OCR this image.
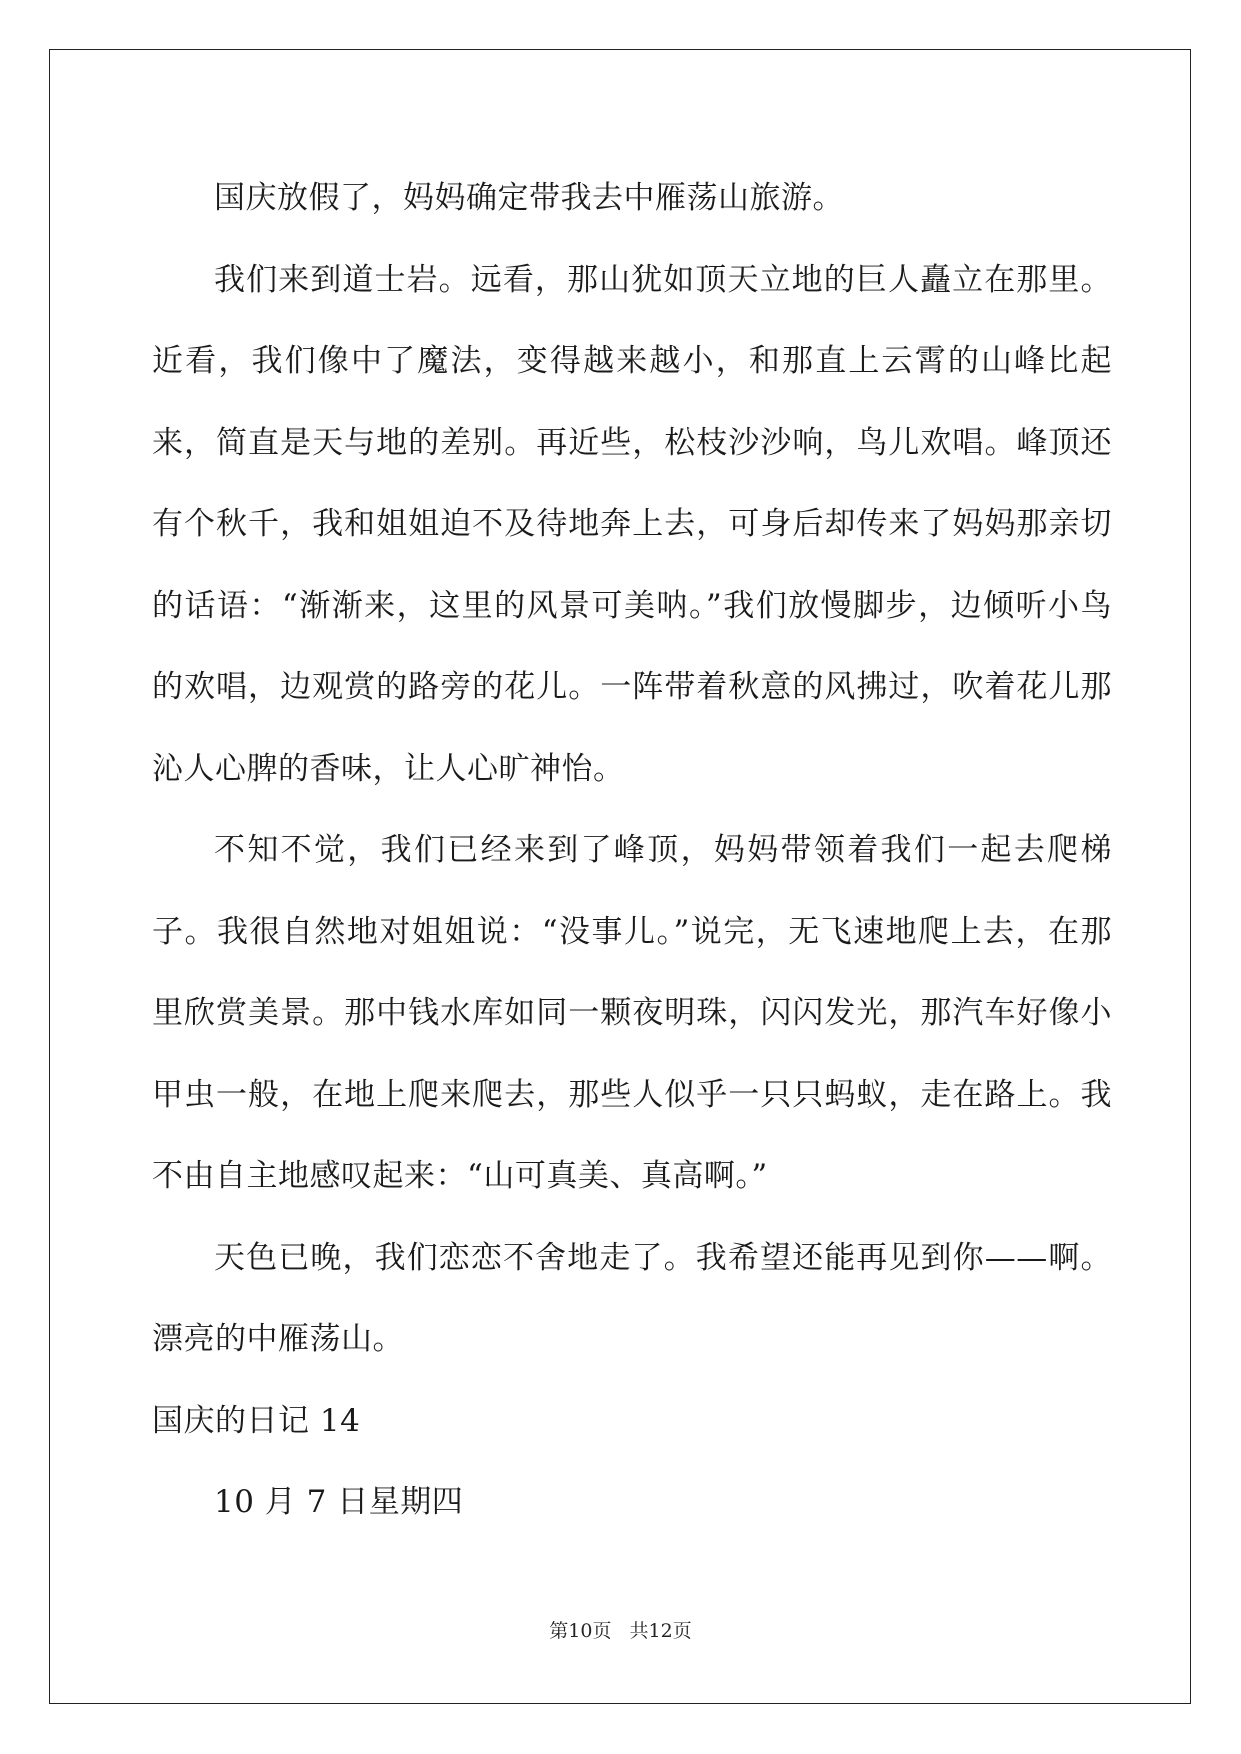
国庆放假了，妈妈确定带我去中雁荡山旅游。

我们来到道士岩。远看，那山犹如顶天立地的巨人矗立在那里。近看，我们像中了魔法，变得越来越小，和那直上云霄的山峰比起来，简直是天与地的差别。再近些，松枝沙沙响，鸟儿欢唱。峰顶还有个秋千，我和姐姐迫不及待地奔上去，可身后却传来了妈妈那亲切的话语：“渐渐来，这里的风景可美呐。”我们放慢脚步，边倾听小鸟的欢唱，边观赏的路旁的花儿。一阵带着秋意的风拂过，吹着花儿那沁人心脾的香味，让人心旷神怡。

不知不觉，我们已经来到了峰顶，妈妈带领着我们一起去爬梯子。我很自然地对姐姐说：“没事儿。”说完，无飞速地爬上去，在那里欣赏美景。那中钱水库如同一颗夜明珠，闪闪发光，那汽车好像小甲虫一般，在地上爬来爬去，那些人似乎一只只蚂蚁，走在路上。我不由自主地感叹起来：“山可真美、真高啊。”

天色已晚，我们恋恋不舍地走了。我希望还能再见到你——啊。漂亮的中雁荡山。

国庆的日记 14

10 月 7 日星期四

第10页 共12页
